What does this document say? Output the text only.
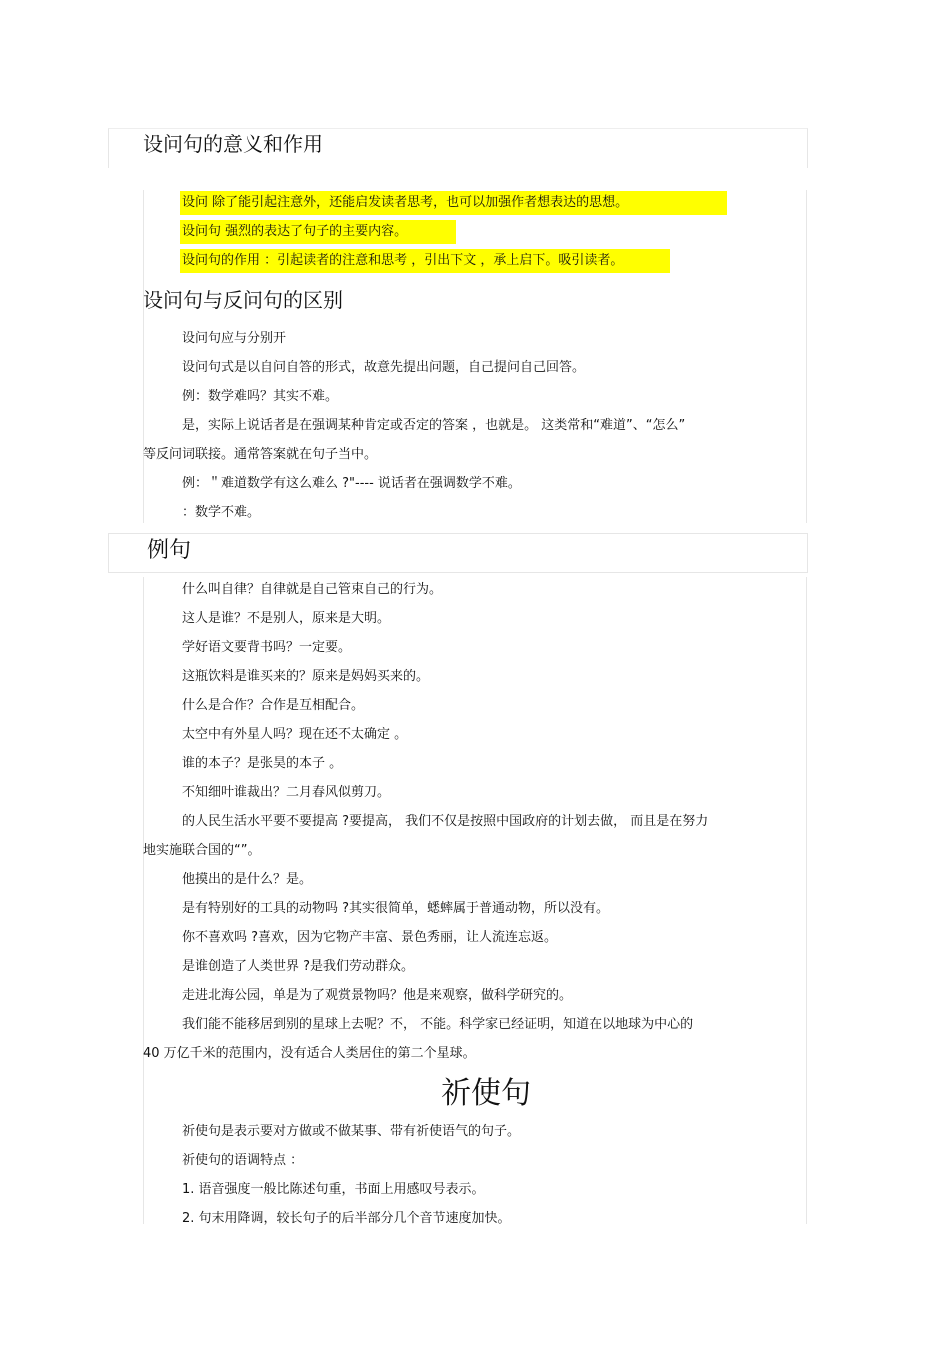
设问句的意义和作用
设问 除了能引起注意外，还能启发读者思考，也可以加强作者想表达的思想。
设问句 强烈的表达了句子的主要内容。
设问句的作用 ：引起读者的注意和思考 ，引出下文 ，承上启下。吸引读者。
设问句与反问句的区别
设问句应与分别开
设问句式是以自问自答的形式，故意先提出问题，自己提问自己回答。
例：数学难吗？其实不难。
是，实际上说话者是在强调某种肯定或否定的答案 ，也就是。 这类常和“难道”、“怎么”
等反问词联接。通常答案就在句子当中。
例：＂难道数学有这么难么 ?"---- 说话者在强调数学不难。
：数学不难。
例句
什么叫自律？自律就是自己管束自己的行为。
这人是谁？不是别人，原来是大明。
学好语文要背书吗？一定要。
这瓶饮料是谁买来的？原来是妈妈买来的。
什么是合作？合作是互相配合。
太空中有外星人吗？现在还不太确定 。
谁的本子？是张昊的本子 。
不知细叶谁裁出？二月春风似剪刀。
的人民生活水平要不要提高 ?要提高， 我们不仅是按照中国政府的计划去做， 而且是在努力
地实施联合国的“”。
他摸出的是什么？是。
是有特别好的工具的动物吗 ?其实很简单，蟋蟀属于普通动物，所以没有。
你不喜欢吗 ?喜欢，因为它物产丰富、景色秀丽，让人流连忘返。
是谁创造了人类世界 ?是我们劳动群众。
走进北海公园，单是为了观赏景物吗？他是来观察，做科学研究的。
我们能不能移居到别的星球上去呢？不， 不能。科学家已经证明，知道在以地球为中心的
40 万亿千米的范围内，没有适合人类居住的第二个星球。
祈使句
祈使句是表示要对方做或不做某事、带有祈使语气的句子。
祈使句的语调特点 ：
1. 语音强度一般比陈述句重，书面上用感叹号表示。
2. 句末用降调，较长句子的后半部分几个音节速度加快。
